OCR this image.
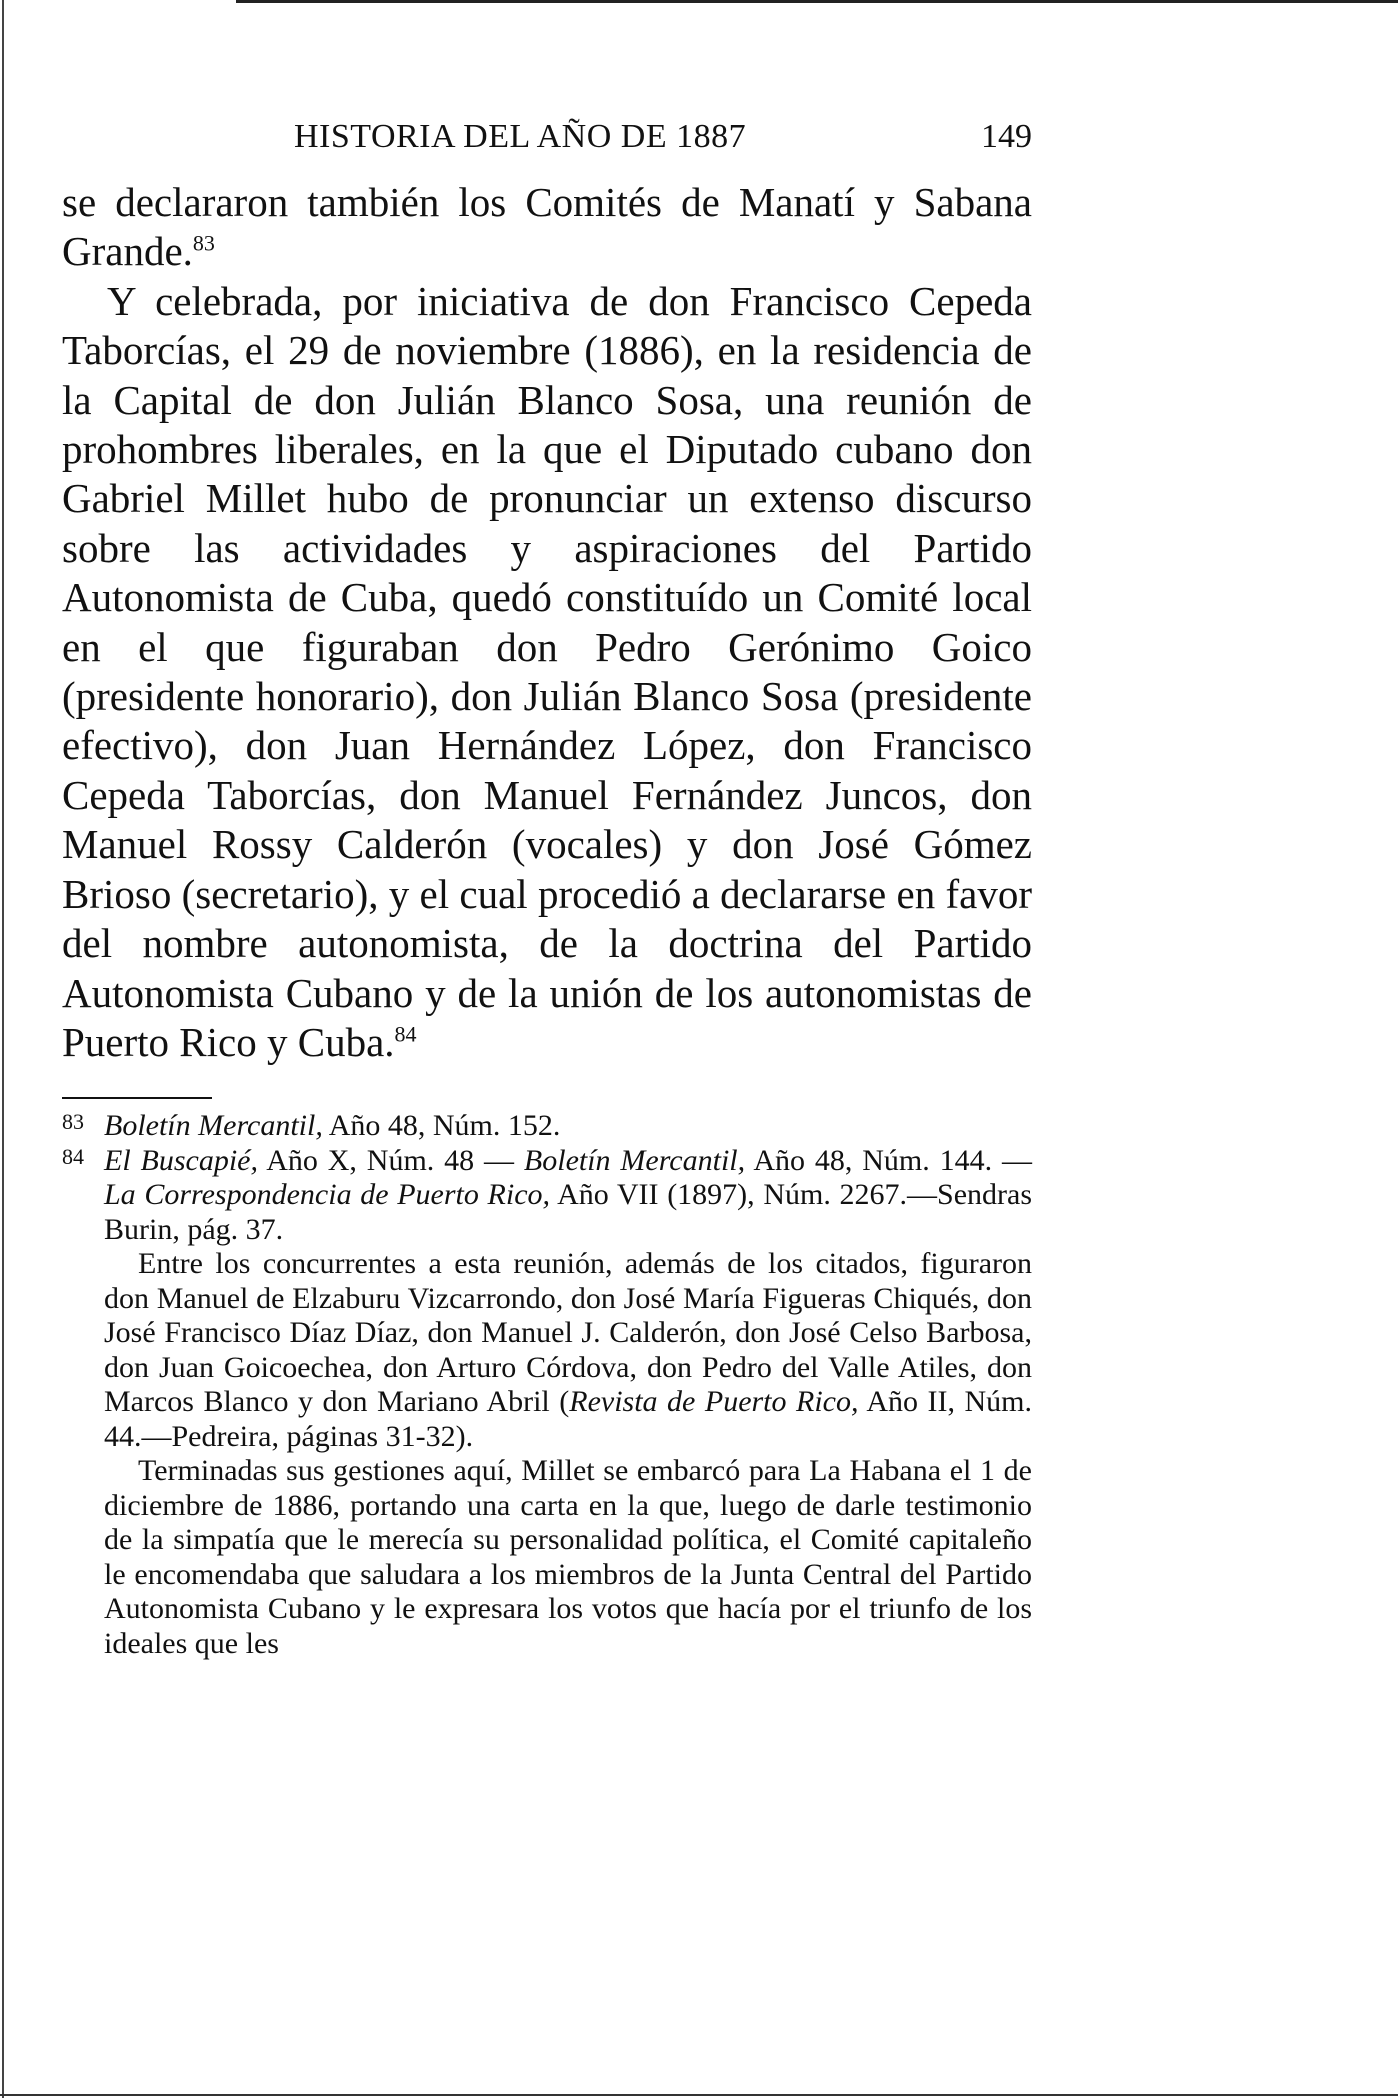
HISTORIA DEL AÑO DE 1887	149

se declararon también los Comités de Manatí y Sabana Grande.$^{83}$

Y celebrada, por iniciativa de don Francisco Cepeda Taborcías, el 29 de noviembre (1886), en la residencia de la Capital de don Julián Blanco Sosa, una reunión de prohombres liberales, en la que el Diputado cubano don Gabriel Millet hubo de pronunciar un extenso discurso sobre las actividades y aspiraciones del Partido Autonomista de Cuba, quedó constituído un Comité local en el que figuraban don Pedro Gerónimo Goico (presidente honorario), don Julián Blanco Sosa (presidente efectivo), don Juan Hernández López, don Francisco Cepeda Taborcías, don Manuel Fernández Juncos, don Manuel Rossy Calderón (vocales) y don José Gómez Brioso (secretario), y el cual procedió a declararse en favor del nombre autonomista, de la doctrina del Partido Autonomista Cubano y de la unión de los autonomistas de Puerto Rico y Cuba.$^{84}$

83 Boletín Mercantil, Año 48, Núm. 152.

84 El Buscapié, Año X, Núm. 48 — Boletín Mercantil, Año 48, Núm. 144. — La Correspondencia de Puerto Rico, Año VII (1897), Núm. 2267.—Sendras Burin, pág. 37.

Entre los concurrentes a esta reunión, además de los citados, figuraron don Manuel de Elzaburu Vizcarrondo, don José María Figueras Chiqués, don José Francisco Díaz Díaz, don Manuel J. Calderón, don José Celso Barbosa, don Juan Goicoechea, don Arturo Córdova, don Pedro del Valle Atiles, don Marcos Blanco y don Mariano Abril (Revista de Puerto Rico, Año II, Núm. 44.—Pedreira, páginas 31-32).

Terminadas sus gestiones aquí, Millet se embarcó para La Habana el 1 de diciembre de 1886, portando una carta en la que, luego de darle testimonio de la simpatía que le merecía su personalidad política, el Comité capitaleño le encomendaba que saludara a los miembros de la Junta Central del Partido Autonomista Cubano y le expresara los votos que hacía por el triunfo de los ideales que les
